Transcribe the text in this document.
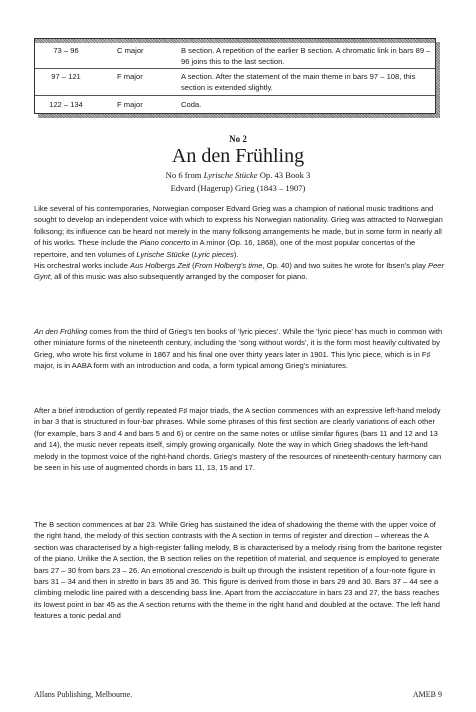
73 – 96	C major	B section. A repetition of the earlier B section. A chromatic link in bars 89 – 96 joins this to the last section.
97 – 121	F major	A section. After the statement of the main theme in bars 97 – 108, this section is extended slightly.
122 – 134	F major	Coda.
No 2
An den Frühling
No 6 from Lyrische Stücke Op. 43 Book 3
Edvard (Hagerup) Grieg (1843 – 1907)

Like several of his contemporaries, Norwegian composer Edvard Grieg was a champion of national music traditions and sought to develop an independent voice with which to express his Norwegian nationality. Grieg was attracted to Norwegian folksong; its influence can be heard not merely in the many folksong arrangements he made, but in some form in nearly all of his works. These include the Piano concerto in A minor (Op. 16, 1868), one of the most popular concertos of the repertoire, and ten volumes of Lyrische Stücke (Lyric pieces).
His orchestral works include Aus Holbergs Zeit (From Holberg’s time, Op. 40) and two suites he wrote for Ibsen’s play Peer Gynt; all of this music was also subsequently arranged by the composer for piano.

An den Frühling comes from the third of Grieg’s ten books of ‘lyric pieces’. While the ‘lyric piece’ has much in common with other miniature forms of the nineteenth century, including the ‘song without words’, it is the form most heavily cultivated by Grieg, who wrote his first volume in 1867 and his final one over thirty years later in 1901. This lyric piece, which is in F♯ major, is in AABA form with an introduction and coda, a form typical among Grieg’s miniatures.

After a brief introduction of gently repeated F♯ major triads, the A section commences with an expressive left-hand melody in bar 3 that is structured in four-bar phrases. While some phrases of this first section are clearly variations of each other (for example, bars 3 and 4 and bars 5 and 6) or centre on the same notes or utilise similar figures (bars 11 and 12 and 13 and 14), the music never repeats itself, simply growing organically. Note the way in which Grieg shadows the left-hand melody in the topmost voice of the right-hand chords. Grieg’s mastery of the resources of nineteenth-century harmony can be seen in his use of augmented chords in bars 11, 13, 15 and 17.

The B section commences at bar 23. While Grieg has sustained the idea of shadowing the theme with the upper voice of the right hand, the melody of this section contrasts with the A section in terms of register and direction – whereas the A section was characterised by a high-register falling melody, B is characterised by a melody rising from the baritone register of the piano. Unlike the A section, the B section relies on the repetition of material, and sequence is employed to generate bars 27 – 30 from bars 23 – 26. An emotional crescendo is built up through the insistent repetition of a four-note figure in bars 31 – 34 and then in stretto in bars 35 and 36. This figure is derived from those in bars 29 and 30. Bars 37 – 44 see a climbing melodic line paired with a descending bass line. Apart from the acciaccature in bars 23 and 27, the bass reaches its lowest point in bar 45 as the A section returns with the theme in the right hand and doubled at the octave. The left hand features a tonic pedal and

Allans Publishing, Melbourne.	AMEB 9
